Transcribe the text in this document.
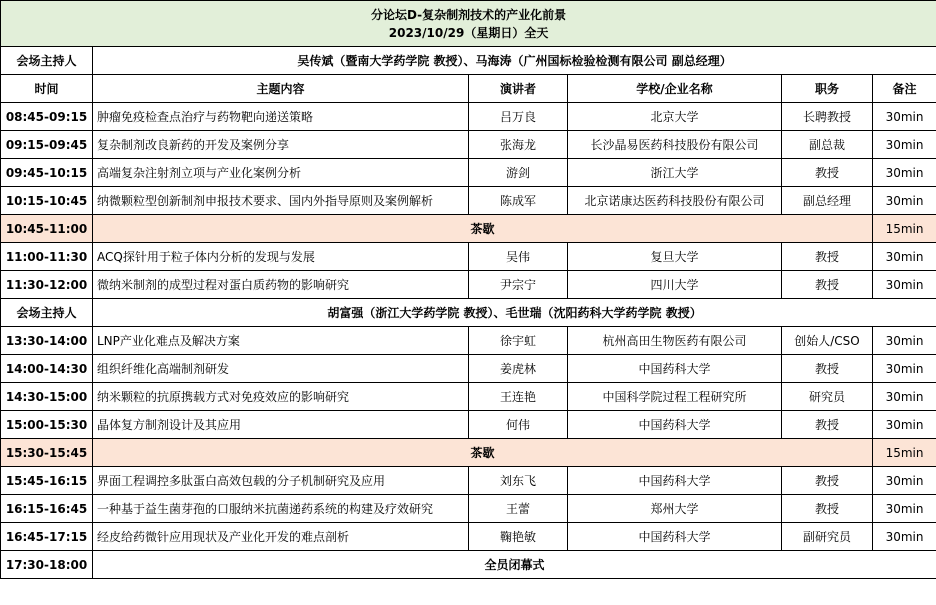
分论坛D-复杂制剂技术的产业化前景
2023/10/29（星期日）全天					

会场主持人	吴传斌（暨南大学药学院 教授）、马海涛（广州国标检验检测有限公司 副总经理）				
时间	主题内容	演讲者	学校/企业名称	职务	备注
08:45-09:15	肿瘤免疫检查点治疗与药物靶向递送策略	吕万良	北京大学	长聘教授	30min
09:15-09:45	复杂制剂改良新药的开发及案例分享	张海龙	长沙晶易医药科技股份有限公司	副总裁	30min
09:45-10:15	高端复杂注射剂立项与产业化案例分析	游剑	浙江大学	教授	30min
10:15-10:45	纳微颗粒型创新制剂申报技术要求、国内外指导原则及案例解析	陈成军	北京诺康达医药科技股份有限公司	副总经理	30min
10:45-11:00	茶歇				15min
11:00-11:30	ACQ探针用于粒子体内分析的发现与发展	吴伟	复旦大学	教授	30min
11:30-12:00	微纳米制剂的成型过程对蛋白质药物的影响研究	尹宗宁	四川大学	教授	30min
会场主持人	胡富强（浙江大学药学院 教授）、毛世瑞（沈阳药科大学药学院 教授）				
13:30-14:00	LNP产业化难点及解决方案	徐宇虹	杭州高田生物医药有限公司	创始人/CSO	30min
14:00-14:30	组织纤维化高端制剂研发	姜虎林	中国药科大学	教授	30min
14:30-15:00	纳米颗粒的抗原携载方式对免疫效应的影响研究	王连艳	中国科学院过程工程研究所	研究员	30min
15:00-15:30	晶体复方制剂设计及其应用	何伟	中国药科大学	教授	30min
15:30-15:45	茶歇				15min
15:45-16:15	界面工程调控多肽蛋白高效包载的分子机制研究及应用	刘东飞	中国药科大学	教授	30min
16:15-16:45	一种基于益生菌芽孢的口服纳米抗菌递药系统的构建及疗效研究	王蕾	郑州大学	教授	30min
16:45-17:15	经皮给药微针应用现状及产业化开发的难点剖析	鞠艳敏	中国药科大学	副研究员	30min
17:30-18:00	全员闭幕式				
